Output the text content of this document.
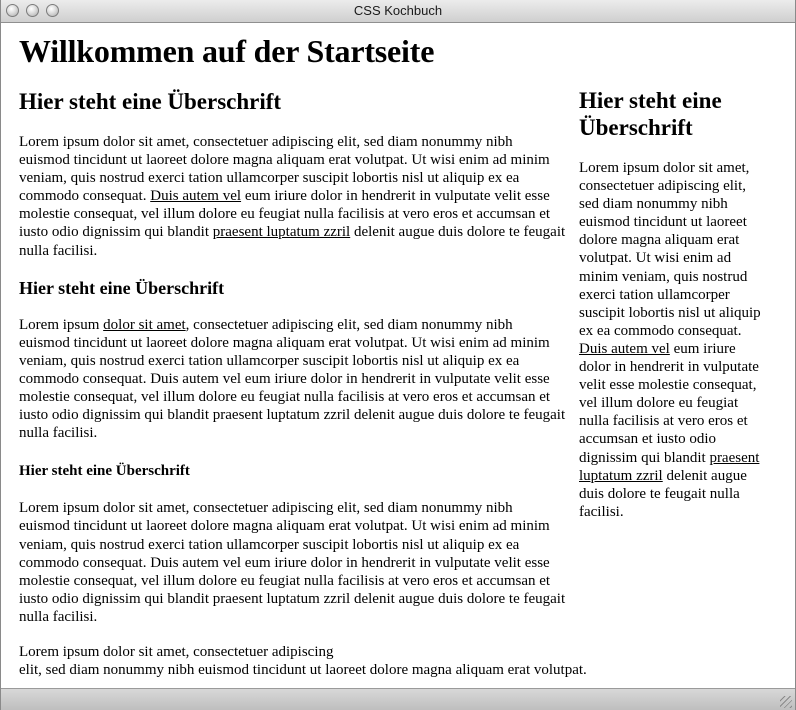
CSS Kochbuch
Willkommen auf der Startseite
Hier steht eine Überschrift

Lorem ipsum dolor sit amet, consectetuer adipiscing elit, sed diam nonummy nibh euismod tincidunt ut laoreet dolore magna aliquam erat volutpat. Ut wisi enim ad minim veniam, quis nostrud exerci tation ullamcorper suscipit lobortis nisl ut aliquip ex ea commodo consequat. Duis autem vel eum iriure dolor in hendrerit in vulputate velit esse molestie consequat, vel illum dolore eu feugiat nulla facilisis at vero eros et accumsan et iusto odio dignissim qui blandit praesent luptatum zzril delenit augue duis dolore te feugait nulla facilisi.

Hier steht eine Überschrift

Lorem ipsum dolor sit amet, consectetuer adipiscing elit, sed diam nonummy nibh euismod tincidunt ut laoreet dolore magna aliquam erat volutpat. Ut wisi enim ad minim veniam, quis nostrud exerci tation ullamcorper suscipit lobortis nisl ut aliquip ex ea commodo consequat. Duis autem vel eum iriure dolor in hendrerit in vulputate velit esse molestie consequat, vel illum dolore eu feugiat nulla facilisis at vero eros et accumsan et iusto odio dignissim qui blandit praesent luptatum zzril delenit augue duis dolore te feugait nulla facilisi.

Hier steht eine Überschrift

Lorem ipsum dolor sit amet, consectetuer adipiscing elit, sed diam nonummy nibh euismod tincidunt ut laoreet dolore magna aliquam erat volutpat. Ut wisi enim ad minim veniam, quis nostrud exerci tation ullamcorper suscipit lobortis nisl ut aliquip ex ea commodo consequat. Duis autem vel eum iriure dolor in hendrerit in vulputate velit esse molestie consequat, vel illum dolore eu feugiat nulla facilisis at vero eros et accumsan et iusto odio dignissim qui blandit praesent luptatum zzril delenit augue duis dolore te feugait nulla facilisi.

Lorem ipsum dolor sit amet, consectetuer adipiscing

elit, sed diam nonummy nibh euismod tincidunt ut laoreet dolore magna aliquam erat volutpat.

Hier steht eine Überschrift

Lorem ipsum dolor sit amet, consectetuer adipiscing elit, sed diam nonummy nibh euismod tincidunt ut laoreet dolore magna aliquam erat volutpat. Ut wisi enim ad minim veniam, quis nostrud exerci tation ullamcorper suscipit lobortis nisl ut aliquip ex ea commodo consequat. Duis autem vel eum iriure dolor in hendrerit in vulputate velit esse molestie consequat, vel illum dolore eu feugiat nulla facilisis at vero eros et accumsan et iusto odio dignissim qui blandit praesent luptatum zzril delenit augue duis dolore te feugait nulla facilisi.
